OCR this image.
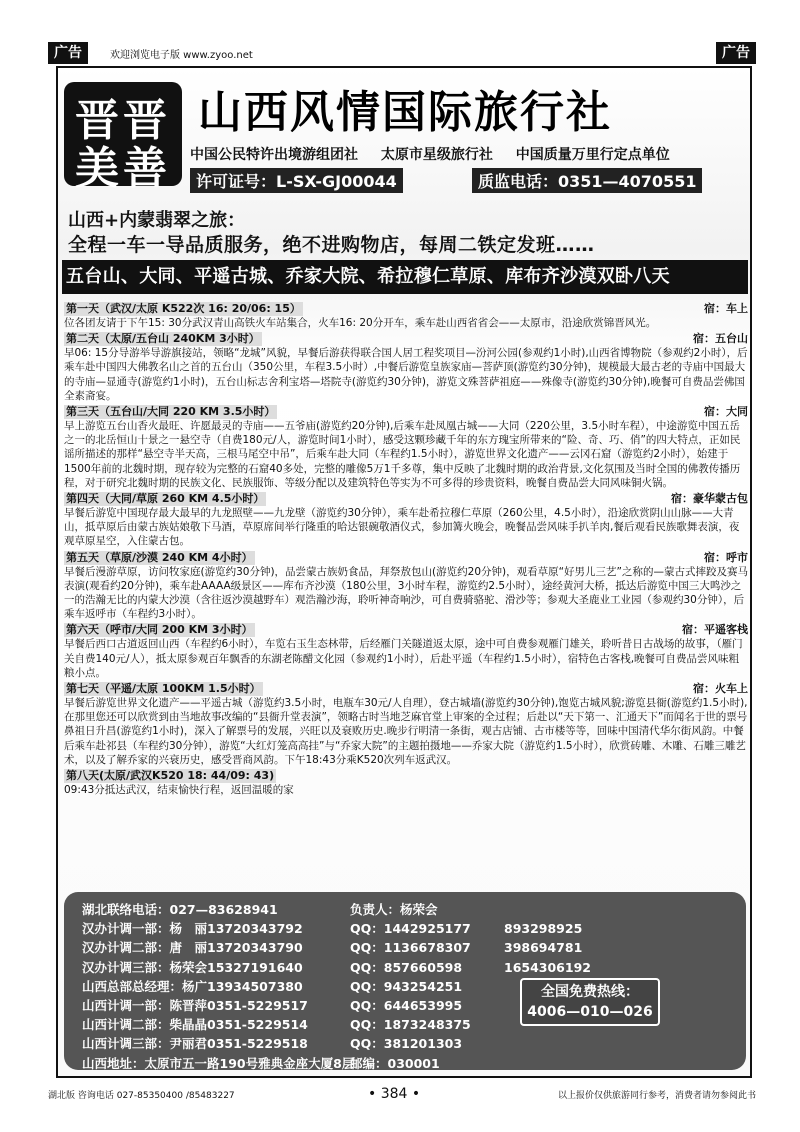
广告	欢迎浏览电子版 www.zyoo.net	广告
晋晋
美善
山西风情国际旅行社
中国公民特许出境游组团社 太原市星级旅行社 中国质量万里行定点单位
许可证号：L-SX-GJ00044	质监电话：0351—4070551
山西+内蒙翡翠之旅：
全程一车一导品质服务，绝不进购物店，每周二铁定发班……
五台山、大同、平遥古城、乔家大院、希拉穆仁草原、库布齐沙漠双卧八天
第一天（武汉/太原 K522次 16: 20/06: 15）	宿：车上
位各团友请于下午15: 30分武汉青山高铁火车站集合，火车16: 20分开车，乘车赴山西省省会——太原市，沿途欣赏锦晋风光。
第二天（太原/五台山 240KM 3小时）	宿：五台山
早06: 15分导游举导游旗接站，领略“龙城”风貌，早餐后游获得联合国人居工程奖项目—汾河公园(参观约1小时),山西省博物院（参观约2小时），后乘车赴中国四大佛教名山之首的五台山（350公里，车程3.5小时）,中餐后游览皇族家庙—菩萨顶(游览约30分钟)，规模最大最古老的寺庙中国最大的寺庙—显通寺(游览约1小时)，五台山标志舍利宝塔—塔院寺(游览约30分钟)，游览文殊菩萨祖庭——殊像寺(游览约30分钟),晚餐可自费品尝佛国全素斋宴。
第三天（五台山/大同 220 KM 3.5小时）	宿：大同
早上游览五台山香火最旺、许愿最灵的寺庙——五爷庙(游览约20分钟),后乘车赴凤凰古城——大同（220公里，3.5小时车程），中途游览中国五岳之一的北岳恒山十景之一悬空寺（自费180元/人，游览时间1小时），感受这颗珍藏千年的东方瑰宝所带来的“险、奇、巧、俏”的四大特点，正如民谣所描述的那样“悬空寺半天高，三根马尾空中吊”，后乘车赴大同（车程约1.5小时），游览世界文化遗产——云冈石窟（游览约2小时），始建于1500年前的北魏时期，现存较为完整的石窟40多处，完整的雕像5万1千多尊，集中反映了北魏时期的政治背景,文化氛围及当时全国的佛教传播历程，对于研究北魏时期的民族文化、民族服饰、等级分配以及建筑特色等实为不可多得的珍贵资料，晚餐自费品尝大同风味铜火锅。
第四天（大同/草原 260 KM 4.5小时）	宿：豪华蒙古包
早餐后游览中国现存最大最早的九龙照壁——九龙壁（游览约30分钟），乘车赴希拉穆仁草原（260公里，4.5小时），沿途欣赏阴山山脉——大青山，抵草原后由蒙古族姑娘敬下马酒，草原席间举行隆重的哈达银碗敬酒仪式，参加篝火晚会，晚餐品尝风味手扒羊肉,餐后观看民族歌舞表演，夜观草原星空，入住蒙古包。
第五天（草原/沙漠 240 KM 4小时）	宿：呼市
早餐后漫游草原，访问牧家庭(游览约30分钟)，品尝蒙古族奶食品，拜祭敖包山(游览约20分钟)，观看草原“好男儿三艺”之称的—蒙古式摔跤及赛马表演(观看约20分钟)，乘车赴AAAA级景区——库布齐沙漠（180公里，3小时车程，游览约2.5小时），途经黄河大桥，抵达后游览中国三大鸣沙之一的浩瀚无比的内蒙大沙漠（含往返沙漠越野车）观浩瀚沙海，聆听神奇响沙，可自费骑骆驼、滑沙等；参观大圣鹿业工业园（参观约30分钟），后乘车返呼市（车程约3小时）。
第六天（呼市/大同 200 KM 3小时）	宿：平遥客栈
早餐后西口古道返回山西（车程约6小时），车览右玉生态林带，后经雁门关隧道返太原，途中可自费参观雁门雄关，聆听昔日古战场的故事，（雁门关自费140元/人），抵太原参观百年飘香的东湖老陈醋文化园（参观约1小时），后赴平遥（车程约1.5小时），宿特色古客栈,晚餐可自费品尝风味粗粮小点。
第七天（平遥/太原 100KM 1.5小时）	宿：火车上
早餐后游览世界文化遗产——平遥古城（游览约3.5小时，电瓶车30元/人自理），登古城墙(游览约30分钟),饱览古城风貌;游览县衙(游览约1.5小时),在那里您还可以欣赏到由当地故事改编的“县衙升堂表演”，领略古时当地芝麻官堂上审案的全过程；后赴以“天下第一、汇通天下”而闻名于世的票号鼻祖日升昌(游览约1小时)，深入了解票号的发展，兴旺以及衰败历史.晚步行明清一条街，观古店铺、古市楼等等，回味中国清代华尔街风韵。中餐后乘车赴祁县（车程约30分钟），游览“大红灯笼高高挂”与“乔家大院”的主题拍摄地——乔家大院（游览约1.5小时），欣赏砖雕、木雕、石雕三雕艺术，以及了解乔家的兴衰历史，感受晋商风韵。下午18:43分乘K520次列车返武汉。
第八天(太原/武汉K520 18: 44/09: 43)
09:43分抵达武汉，结束愉快行程，返回温暖的家
湖北联络电话：027—83628941	负责人：杨荣会
汉办计调一部：杨　丽13720343792	QQ：1442925177	893298925
汉办计调二部：唐　丽13720343790	QQ：1136678307	398694781
汉办计调三部：杨荣会15327191640	QQ：857660598	1654306192
山西总部总经理：杨广13934507380	QQ：943254251
山西计调一部：陈晋萍0351-5229517	QQ：644653995
山西计调二部：柴晶晶0351-5229514	QQ：1873248375
山西计调三部：尹丽君0351-5229518	QQ：381201303
山西地址：太原市五一路190号雅典金座大厦8层邮编：030001
全国免费热线：
4006—010—026
湖北版 咨询电话 027-85350400 /85483227	• 384 •	以上报价仅供旅游同行参考，消费者请勿参阅此书
